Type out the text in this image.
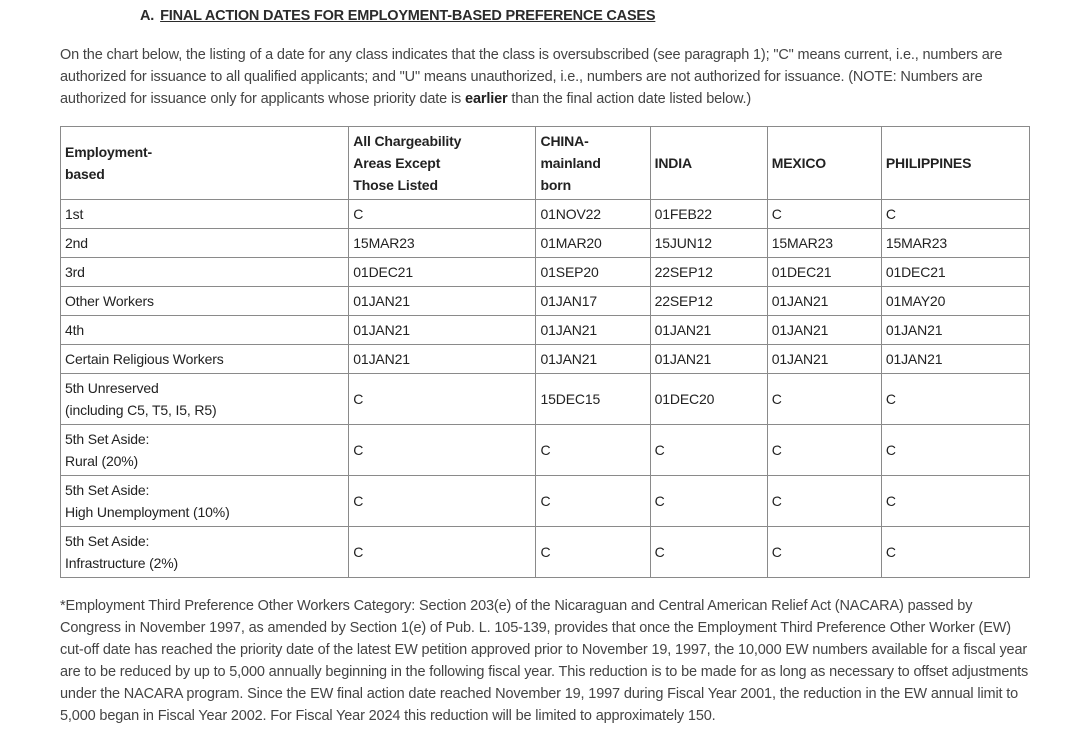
A. FINAL ACTION DATES FOR EMPLOYMENT-BASED PREFERENCE CASES

On the chart below, the listing of a date for any class indicates that the class is oversubscribed (see paragraph 1); "C" means current, i.e., numbers are authorized for issuance to all qualified applicants; and "U" means unauthorized, i.e., numbers are not authorized for issuance. (NOTE: Numbers are authorized for issuance only for applicants whose priority date is earlier than the final action date listed below.)

Employment-
based	All Chargeability
Areas Except
Those Listed	CHINA-
mainland
born	INDIA	MEXICO	PHILIPPINES
1st	C	01NOV22	01FEB22	C	C
2nd	15MAR23	01MAR20	15JUN12	15MAR23	15MAR23
3rd	01DEC21	01SEP20	22SEP12	01DEC21	01DEC21
Other Workers	01JAN21	01JAN17	22SEP12	01JAN21	01MAY20
4th	01JAN21	01JAN21	01JAN21	01JAN21	01JAN21
Certain Religious Workers	01JAN21	01JAN21	01JAN21	01JAN21	01JAN21
5th Unreserved
(including C5, T5, I5, R5)	C	15DEC15	01DEC20	C	C
5th Set Aside:
Rural (20%)	C	C	C	C	C
5th Set Aside:
High Unemployment (10%)	C	C	C	C	C
5th Set Aside:
Infrastructure (2%)	C	C	C	C	C

*Employment Third Preference Other Workers Category: Section 203(e) of the Nicaraguan and Central American Relief Act (NACARA) passed by Congress in November 1997, as amended by Section 1(e) of Pub. L. 105-139, provides that once the Employment Third Preference Other Worker (EW) cut-off date has reached the priority date of the latest EW petition approved prior to November 19, 1997, the 10,000 EW numbers available for a fiscal year are to be reduced by up to 5,000 annually beginning in the following fiscal year. This reduction is to be made for as long as necessary to offset adjustments under the NACARA program. Since the EW final action date reached November 19, 1997 during Fiscal Year 2001, the reduction in the EW annual limit to 5,000 began in Fiscal Year 2002. For Fiscal Year 2024 this reduction will be limited to approximately 150.
